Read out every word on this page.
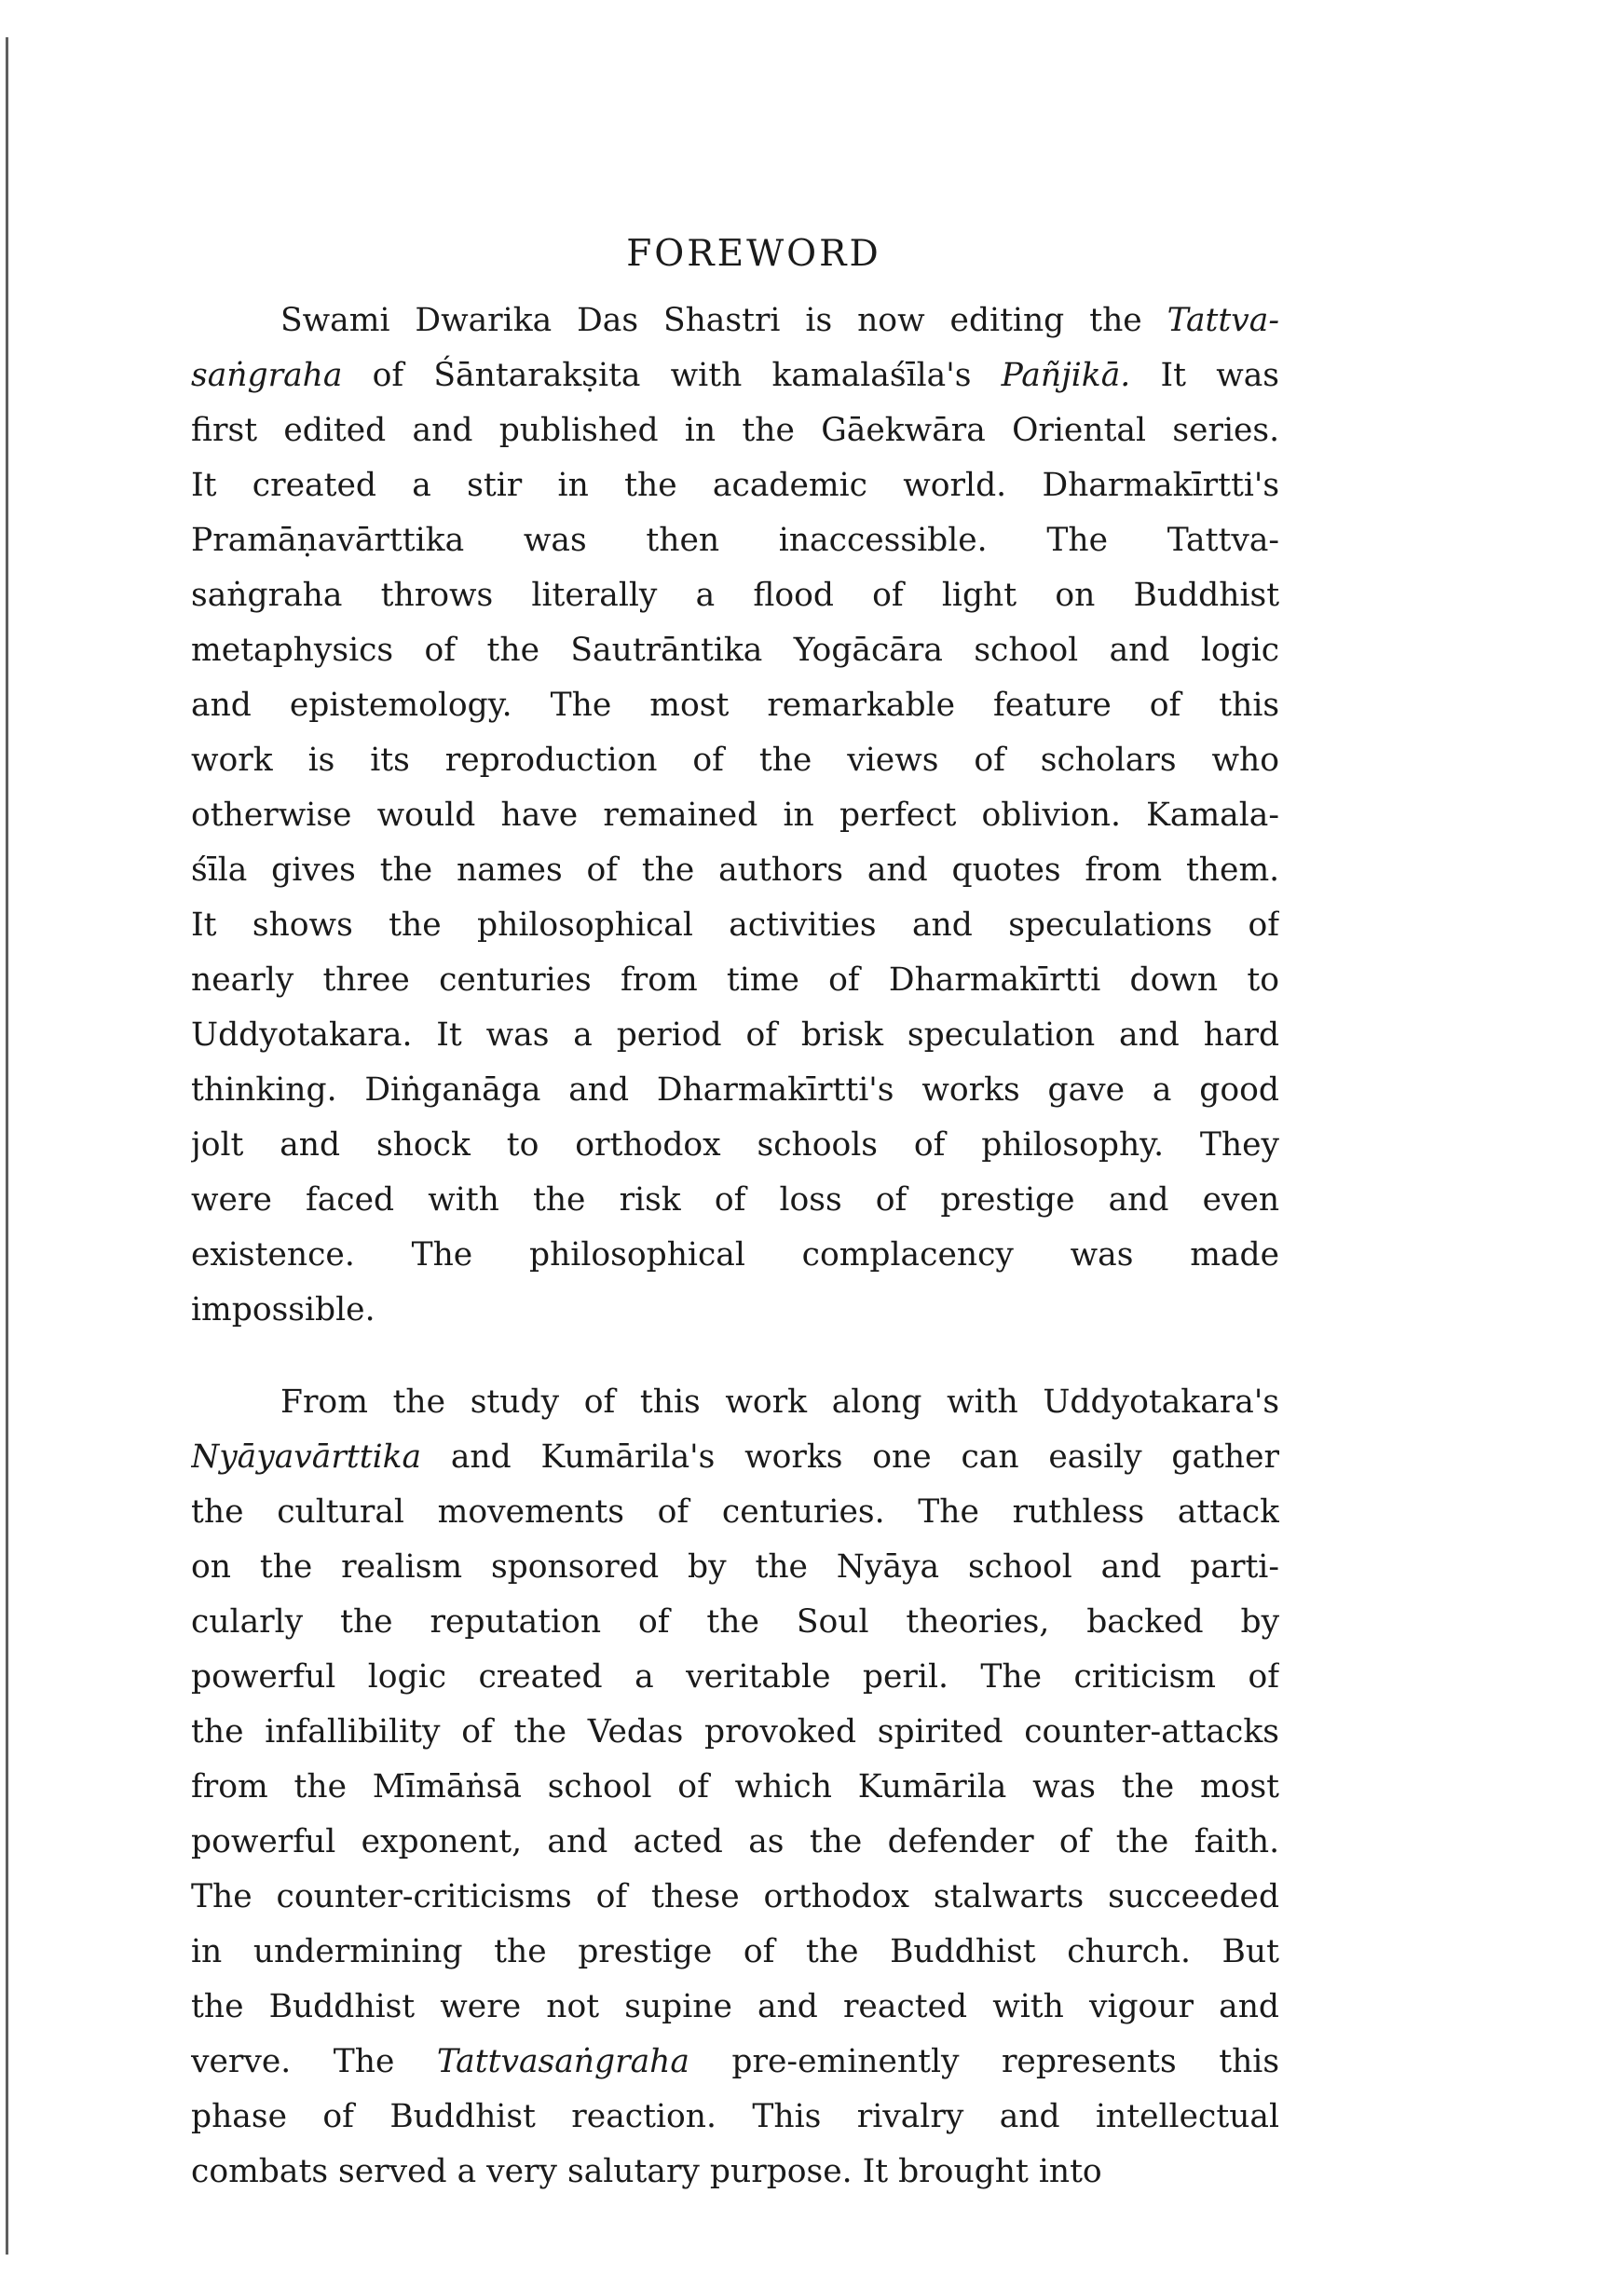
FOREWORD
Swami Dwarika Das Shastri is now editing the Tattva-
saṅgraha of Śāntarakṣita with kamalaśīla's Pañjikā. It was
first edited and published in the Gāekwāra Oriental series.
It created a stir in the academic world. Dharmakīrtti's
Pramāṇavārttika was then inaccessible. The Tattva-
saṅgraha throws literally a flood of light on Buddhist
metaphysics of the Sautrāntika Yogācāra school and logic
and epistemology. The most remarkable feature of this
work is its reproduction of the views of scholars who
otherwise would have remained in perfect oblivion. Kamala-
śīla gives the names of the authors and quotes from them.
It shows the philosophical activities and speculations of
nearly three centuries from time of Dharmakīrtti down to
Uddyotakara. It was a period of brisk speculation and hard
thinking. Diṅganāga and Dharmakīrtti's works gave a good
jolt and shock to orthodox schools of philosophy. They
were faced with the risk of loss of prestige and even
existence. The philosophical complacency was made
impossible.
From the study of this work along with Uddyotakara's
Nyāyavārttika and Kumārila's works one can easily gather
the cultural movements of centuries. The ruthless attack
on the realism sponsored by the Nyāya school and parti-
cularly the reputation of the Soul theories, backed by
powerful logic created a veritable peril. The criticism of
the infallibility of the Vedas provoked spirited counter-attacks
from the Mīmāṅsā school of which Kumārila was the most
powerful exponent, and acted as the defender of the faith.
The counter-criticisms of these orthodox stalwarts succeeded
in undermining the prestige of the Buddhist church. But
the Buddhist were not supine and reacted with vigour and
verve. The Tattvasaṅgraha pre-eminently represents this
phase of Buddhist reaction. This rivalry and intellectual
combats served a very salutary purpose. It brought into
